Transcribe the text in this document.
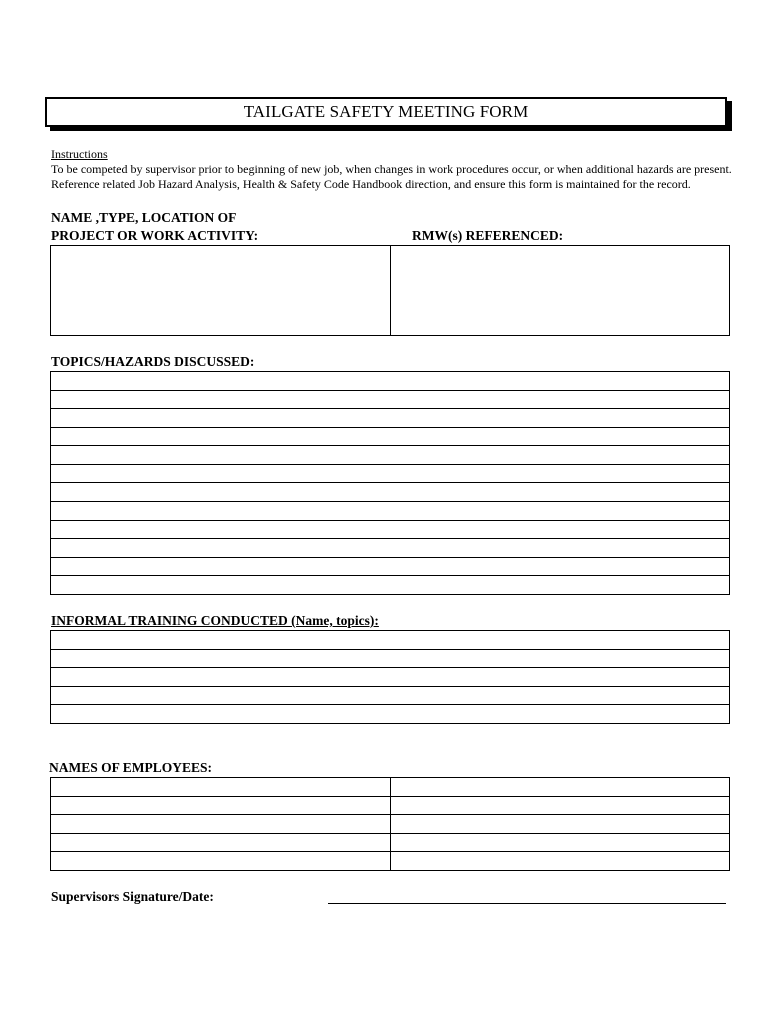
TAILGATE SAFETY MEETING FORM
Instructions
To be competed by supervisor prior to beginning of new job, when changes in work procedures occur, or when additional hazards are present.
Reference related Job Hazard Analysis, Health & Safety Code Handbook direction, and ensure this form is maintained for the record.
NAME ,TYPE, LOCATION OF
PROJECT OR WORK ACTIVITY:	RMW(s) REFERENCED:

TOPICS/HAZARDS DISCUSSED:

INFORMAL TRAINING CONDUCTED (Name, topics):

NAMES OF EMPLOYEES:

Supervisors Signature/Date:
